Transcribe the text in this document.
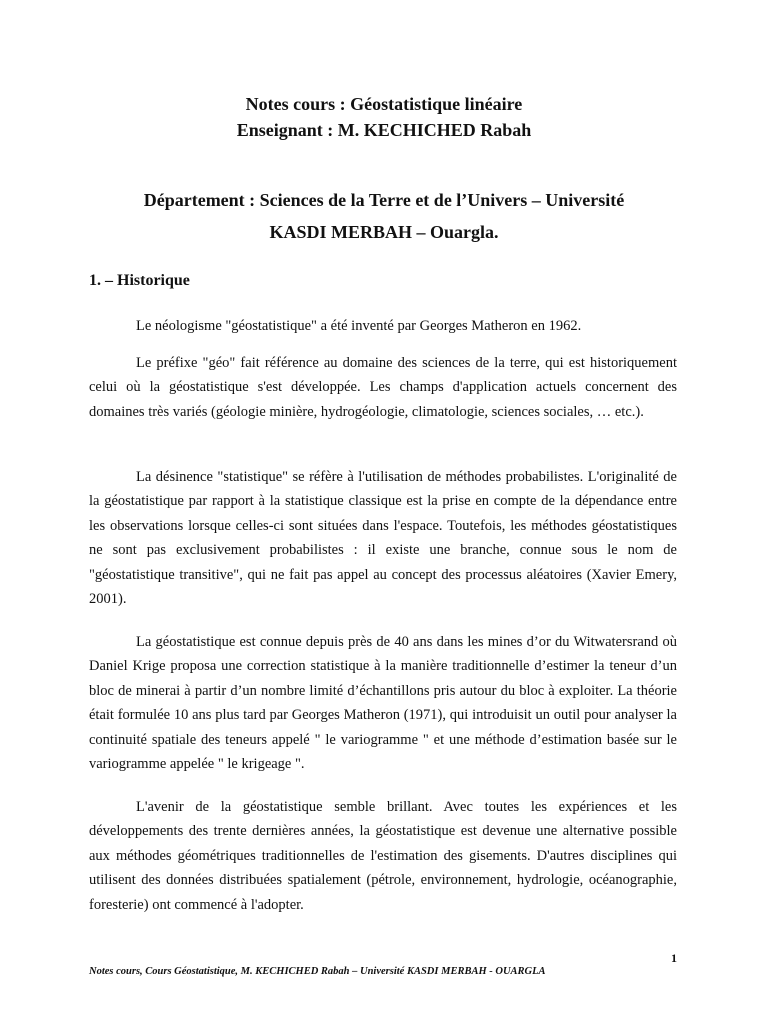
Notes cours : Géostatistique linéaire

Enseignant : M. KECHICHED Rabah

Département : Sciences de la Terre et de l’Univers – Université

KASDI MERBAH – Ouargla.

1. – Historique

Le néologisme "géostatistique" a été inventé par Georges Matheron en 1962.

Le préfixe "géo" fait référence au domaine des sciences de la terre, qui est historiquement celui où la géostatistique s'est développée. Les champs d'application actuels concernent des domaines très variés (géologie minière, hydrogéologie, climatologie, sciences sociales, … etc.).

La désinence "statistique" se réfère à l'utilisation de méthodes probabilistes. L'originalité de la géostatistique par rapport à la statistique classique est la prise en compte de la dépendance entre les observations lorsque celles-ci sont situées dans l'espace. Toutefois, les méthodes géostatistiques ne sont pas exclusivement probabilistes : il existe une branche, connue sous le nom de "géostatistique transitive", qui ne fait pas appel au concept des processus aléatoires (Xavier Emery, 2001).

La géostatistique est connue depuis près de 40 ans dans les mines d’or du Witwatersrand où Daniel Krige proposa une correction statistique à la manière traditionnelle d’estimer la teneur d’un bloc de minerai à partir d’un nombre limité d’échantillons pris autour du bloc à exploiter. La théorie était formulée 10 ans plus tard par Georges Matheron (1971), qui introduisit un outil pour analyser la continuité spatiale des teneurs appelé " le variogramme " et une méthode d’estimation basée sur le variogramme appelée " le krigeage ".

L'avenir de la géostatistique semble brillant. Avec toutes les expériences et les développements des trente dernières années, la géostatistique est devenue une alternative possible aux méthodes géométriques traditionnelles de l'estimation des gisements. D'autres disciplines qui utilisent des données distribuées spatialement (pétrole, environnement, hydrologie, océanographie, foresterie) ont commencé à l'adopter.

1
Notes cours, Cours Géostatistique, M. KECHICHED Rabah – Université KASDI MERBAH - OUARGLA
